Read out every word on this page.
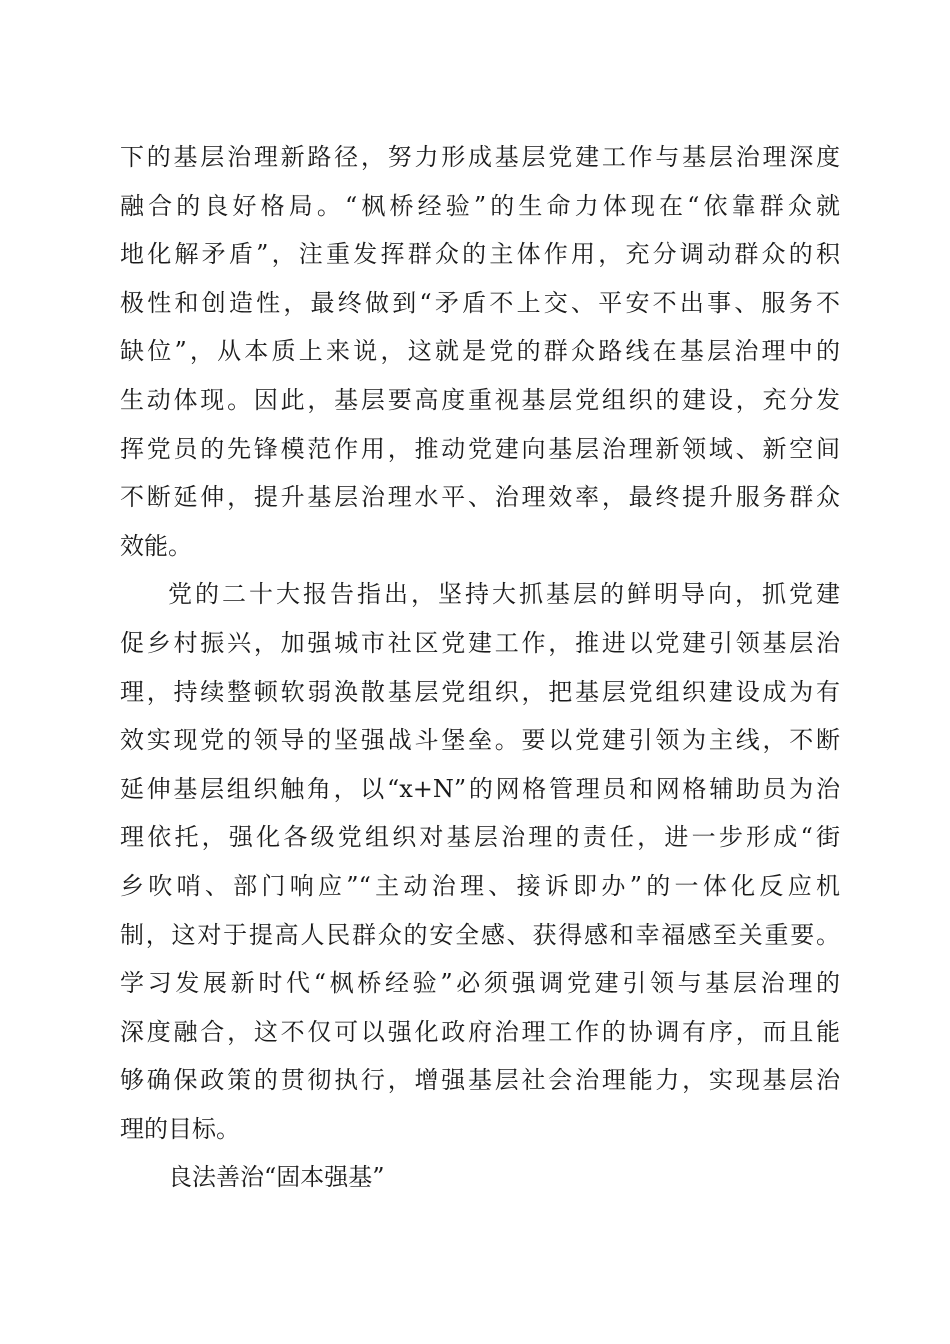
下的基层治理新路径，努力形成基层党建工作与基层治理深度
融合的良好格局。“枫桥经验”的生命力体现在“依靠群众就
地化解矛盾”，注重发挥群众的主体作用，充分调动群众的积
极性和创造性，最终做到“矛盾不上交、平安不出事、服务不
缺位”，从本质上来说，这就是党的群众路线在基层治理中的
生动体现。因此，基层要高度重视基层党组织的建设，充分发
挥党员的先锋模范作用，推动党建向基层治理新领域、新空间
不断延伸，提升基层治理水平、治理效率，最终提升服务群众
效能。
党的二十大报告指出，坚持大抓基层的鲜明导向，抓党建
促乡村振兴，加强城市社区党建工作，推进以党建引领基层治
理，持续整顿软弱涣散基层党组织，把基层党组织建设成为有
效实现党的领导的坚强战斗堡垒。要以党建引领为主线，不断
延伸基层组织触角，以“x+N”的网格管理员和网格辅助员为治
理依托，强化各级党组织对基层治理的责任，进一步形成“街
乡吹哨、部门响应”“主动治理、接诉即办”的一体化反应机
制，这对于提高人民群众的安全感、获得感和幸福感至关重要。
学习发展新时代“枫桥经验”必须强调党建引领与基层治理的
深度融合，这不仅可以强化政府治理工作的协调有序，而且能
够确保政策的贯彻执行，增强基层社会治理能力，实现基层治
理的目标。
良法善治“固本强基”
